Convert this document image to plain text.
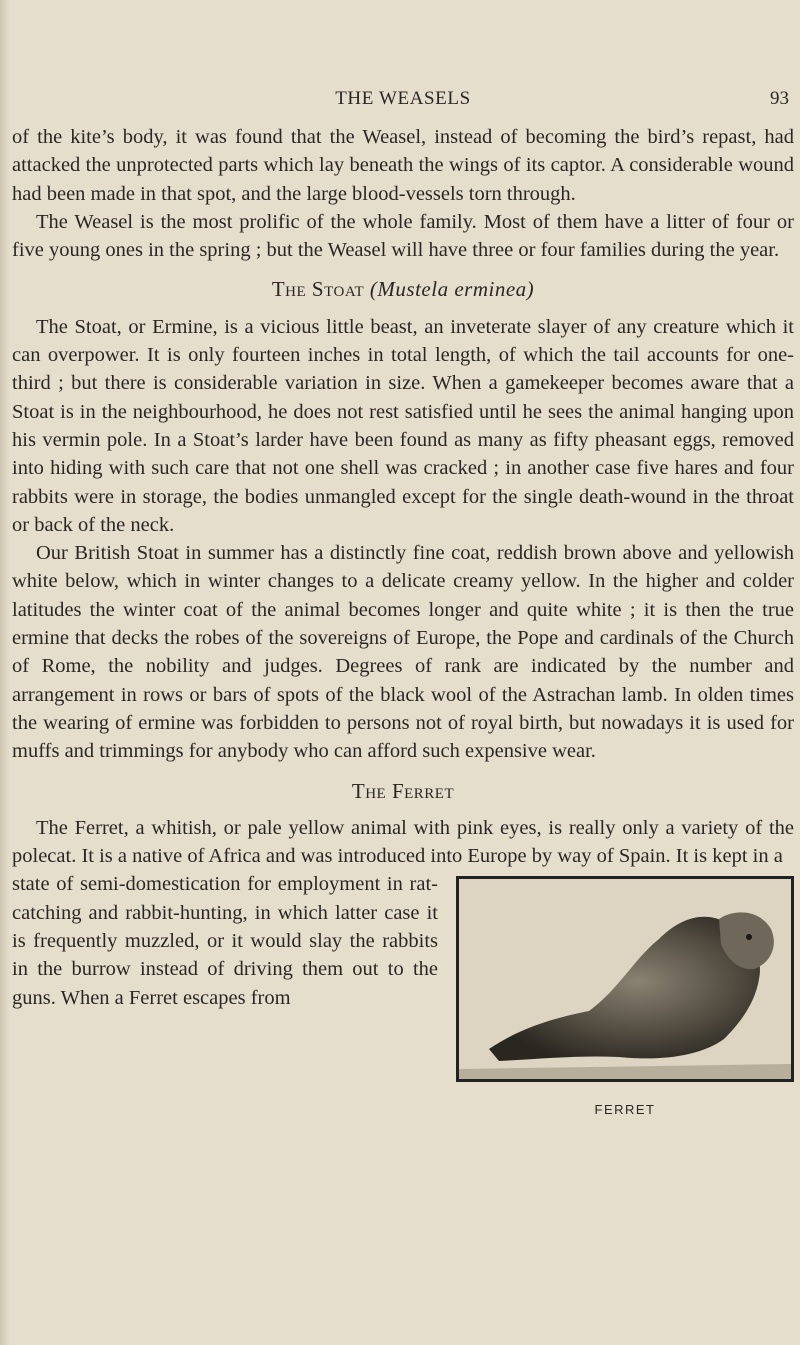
THE WEASELS	93

of the kite’s body, it was found that the Weasel, instead of becoming the bird’s repast, had attacked the unprotected parts which lay beneath the wings of its captor. A considerable wound had been made in that spot, and the large blood-vessels torn through.

The Weasel is the most prolific of the whole family. Most of them have a litter of four or five young ones in the spring ; but the Weasel will have three or four families during the year.

The Stoat (Mustela erminea)

The Stoat, or Ermine, is a vicious little beast, an inveterate slayer of any creature which it can overpower. It is only fourteen inches in total length, of which the tail accounts for one-third ; but there is considerable variation in size. When a gamekeeper becomes aware that a Stoat is in the neighbourhood, he does not rest satisfied until he sees the animal hanging upon his vermin pole. In a Stoat’s larder have been found as many as fifty pheasant eggs, removed into hiding with such care that not one shell was cracked ; in another case five hares and four rabbits were in storage, the bodies unmangled except for the single death-wound in the throat or back of the neck.

Our British Stoat in summer has a distinctly fine coat, reddish brown above and yellowish white below, which in winter changes to a delicate creamy yellow. In the higher and colder latitudes the winter coat of the animal becomes longer and quite white ; it is then the true ermine that decks the robes of the sovereigns of Europe, the Pope and cardinals of the Church of Rome, the nobility and judges. Degrees of rank are indicated by the number and arrangement in rows or bars of spots of the black wool of the Astrachan lamb. In olden times the wearing of ermine was forbidden to persons not of royal birth, but nowadays it is used for muffs and trimmings for anybody who can afford such expensive wear.

The Ferret

The Ferret, a whitish, or pale yellow animal with pink eyes, is really only a variety of the polecat. It is a native of Africa and was introduced into Europe by way of Spain. It is kept in a

FERRET

state of semi-domestication for employment in rat-catching and rabbit-hunting, in which latter case it is frequently muzzled, or it would slay the rabbits in the burrow instead of driving them out to the guns. When a Ferret escapes from
